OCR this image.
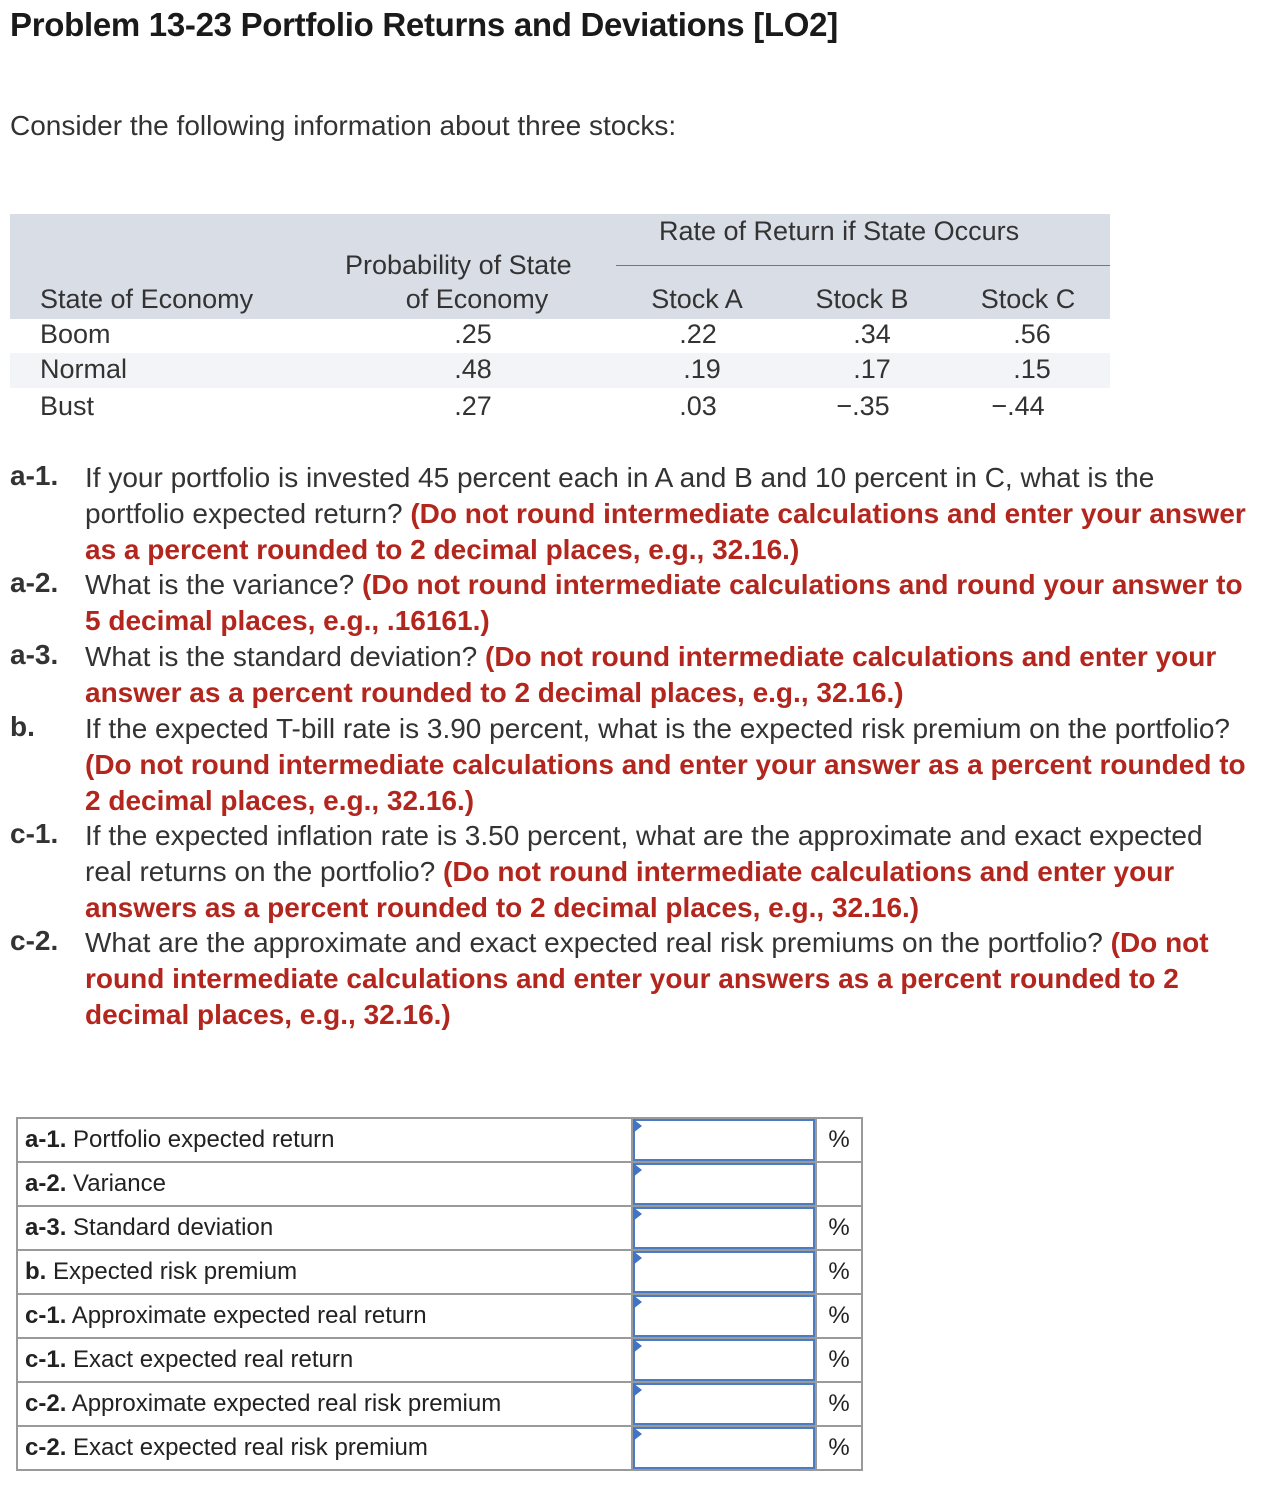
Problem 13-23 Portfolio Returns and Deviations [LO2]
Consider the following information about three stocks:
Rate of Return if State Occurs
State of Economy
Probability of State
of Economy	Stock A	Stock B	Stock C
Boom	.25	.22	.34	.56
Normal	.48	.19	.17	.15
Bust	.27	.03	−.35	−.44
a-1. If your portfolio is invested 45 percent each in A and B and 10 percent in C, what is the portfolio expected return? (Do not round intermediate calculations and enter your answer as a percent rounded to 2 decimal places, e.g., 32.16.)
a-2. What is the variance? (Do not round intermediate calculations and round your answer to 5 decimal places, e.g., .16161.)
a-3. What is the standard deviation? (Do not round intermediate calculations and enter your answer as a percent rounded to 2 decimal places, e.g., 32.16.)
b. If the expected T-bill rate is 3.90 percent, what is the expected risk premium on the portfolio? (Do not round intermediate calculations and enter your answer as a percent rounded to 2 decimal places, e.g., 32.16.)
c-1. If the expected inflation rate is 3.50 percent, what are the approximate and exact expected real returns on the portfolio? (Do not round intermediate calculations and enter your answers as a percent rounded to 2 decimal places, e.g., 32.16.)
c-2. What are the approximate and exact expected real risk premiums on the portfolio? (Do not round intermediate calculations and enter your answers as a percent rounded to 2 decimal places, e.g., 32.16.)
a-1. Portfolio expected return		%
a-2. Variance	

a-3. Standard deviation		%
b. Expected risk premium		%
c-1. Approximate expected real return		%
c-1. Exact expected real return		%
c-2. Approximate expected real risk premium		%
c-2. Exact expected real risk premium		%
